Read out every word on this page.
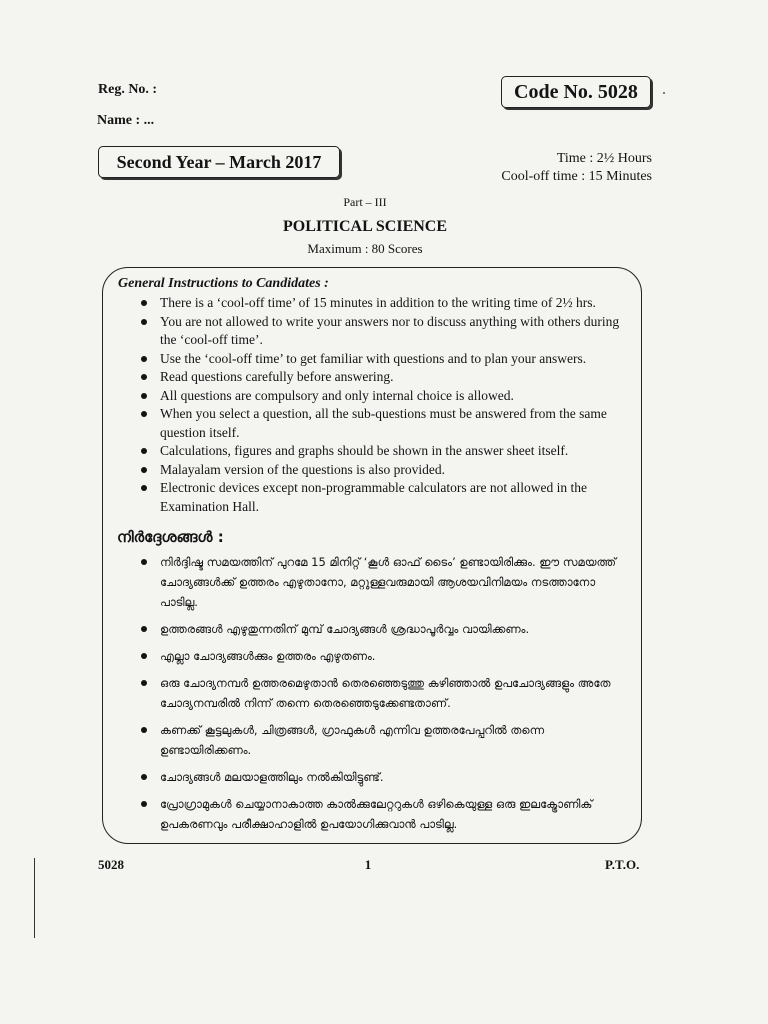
Reg. No. :
Name : ...
Code No. 5028
Second Year – March 2017	Time : 2½ Hours
Cool-off time : 15 Minutes
Part – III
POLITICAL SCIENCE
Maximum : 80 Scores
General Instructions to Candidates :
There is a ‘cool-off time’ of 15 minutes in addition to the writing time of 2½ hrs.
You are not allowed to write your answers nor to discuss anything with others during the ‘cool-off time’.
Use the ‘cool-off time’ to get familiar with questions and to plan your answers.
Read questions carefully before answering.
All questions are compulsory and only internal choice is allowed.
When you select a question, all the sub-questions must be answered from the same question itself.
Calculations, figures and graphs should be shown in the answer sheet itself.
Malayalam version of the questions is also provided.
Electronic devices except non-programmable calculators are not allowed in the Examination Hall.
നിർദ്ദേശങ്ങൾ :
നിർദ്ദിഷ്ട സമയത്തിന് പുറമേ 15 മിനിറ്റ് ‘കൂൾ ഓഫ് ടൈം’ ഉണ്ടായിരിക്കും. ഈ സമയത്ത് ചോദ്യങ്ങൾക്ക് ഉത്തരം എഴുതാനോ, മറ്റുള്ളവരുമായി ആശയവിനിമയം നടത്താനോ പാടില്ല.
ഉത്തരങ്ങൾ എഴുതുന്നതിന് മുമ്പ് ചോദ്യങ്ങൾ ശ്രദ്ധാപൂർവ്വം വായിക്കണം.
എല്ലാ ചോദ്യങ്ങൾക്കും ഉത്തരം എഴുതണം.
ഒരു ചോദ്യനമ്പർ ഉത്തരമെഴുതാൻ തെരഞ്ഞെടുത്തു കഴിഞ്ഞാൽ ഉപചോദ്യങ്ങളും അതേ ചോദ്യനമ്പരിൽ നിന്ന് തന്നെ തെരഞ്ഞെടുക്കേണ്ടതാണ്.
കണക്ക് കൂട്ടലുകൾ, ചിത്രങ്ങൾ, ഗ്രാഫുകൾ എന്നിവ ഉത്തരപേപ്പറിൽ തന്നെ ഉണ്ടായിരിക്കണം.
ചോദ്യങ്ങൾ മലയാളത്തിലും നൽകിയിട്ടുണ്ട്.
പ്രോഗ്രാമുകൾ ചെയ്യാനാകാത്ത കാൽക്കുലേറ്ററുകൾ ഒഴികെയുള്ള ഒരു ഇലക്ട്രോണിക് ഉപകരണവും പരീക്ഷാഹാളിൽ ഉപയോഗിക്കുവാൻ പാടില്ല.
5028	1	P.T.O.
